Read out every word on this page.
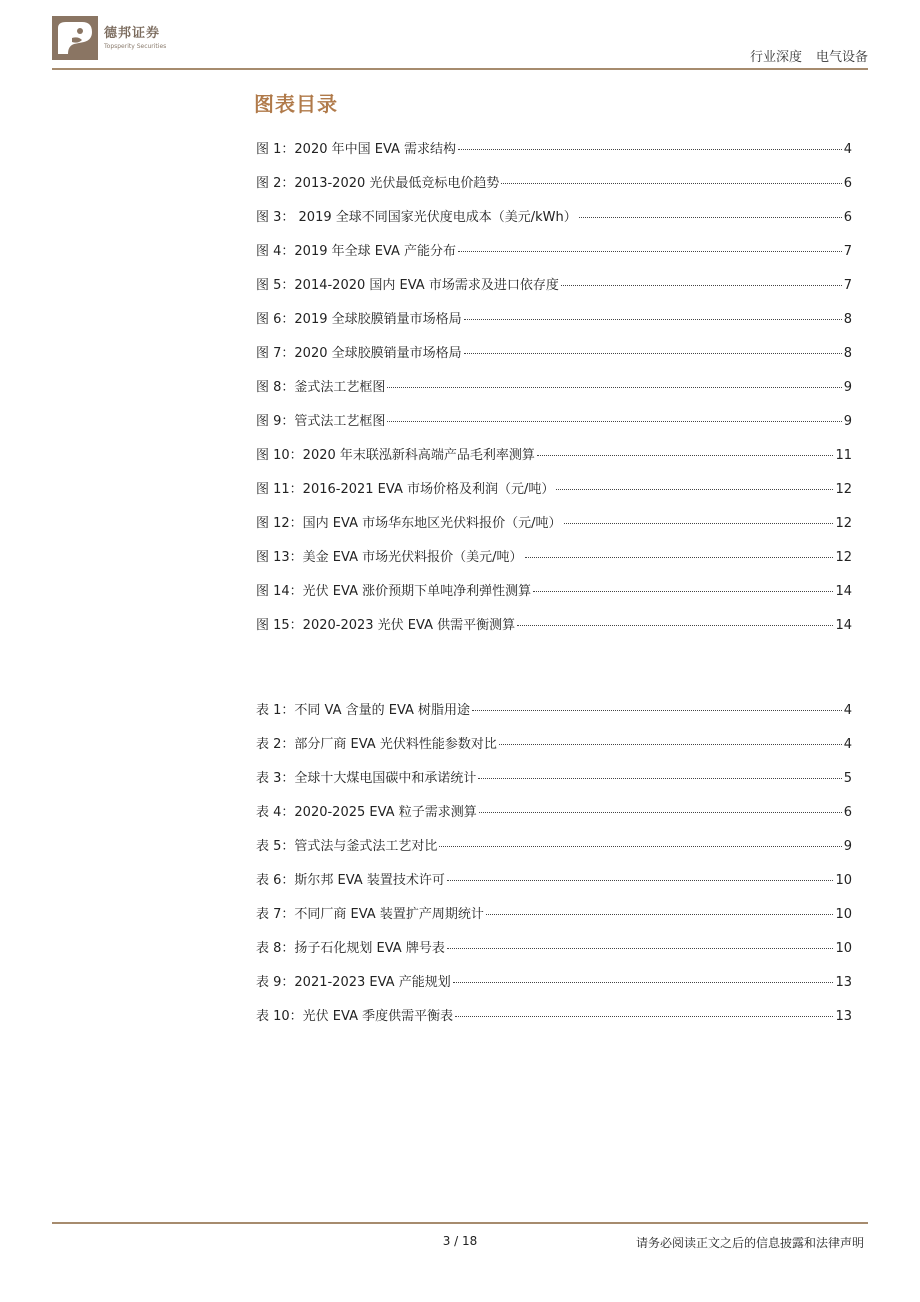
德邦证券
Topsperity Securities
行业深度 电气设备
图表目录
图 1：2020 年中国 EVA 需求结构	4
图 2：2013-2020 光伏最低竞标电价趋势	6
图 3： 2019 全球不同国家光伏度电成本（美元/kWh）	6
图 4：2019 年全球 EVA 产能分布	7
图 5：2014-2020 国内 EVA 市场需求及进口依存度	7
图 6：2019 全球胶膜销量市场格局	8
图 7：2020 全球胶膜销量市场格局	8
图 8：釜式法工艺框图	9
图 9：管式法工艺框图	9
图 10：2020 年末联泓新科高端产品毛利率测算	11
图 11：2016-2021 EVA 市场价格及利润（元/吨）	12
图 12：国内 EVA 市场华东地区光伏料报价（元/吨）	12
图 13：美金 EVA 市场光伏料报价（美元/吨）	12
图 14：光伏 EVA 涨价预期下单吨净利弹性测算	14
图 15：2020-2023 光伏 EVA 供需平衡测算	14
表 1：不同 VA 含量的 EVA 树脂用途	4
表 2：部分厂商 EVA 光伏料性能参数对比	4
表 3：全球十大煤电国碳中和承诺统计	5
表 4：2020-2025 EVA 粒子需求测算	6
表 5：管式法与釜式法工艺对比	9
表 6：斯尔邦 EVA 装置技术许可	10
表 7：不同厂商 EVA 装置扩产周期统计	10
表 8：扬子石化规划 EVA 牌号表	10
表 9：2021-2023 EVA 产能规划	13
表 10：光伏 EVA 季度供需平衡表	13
3 / 18	请务必阅读正文之后的信息披露和法律声明
